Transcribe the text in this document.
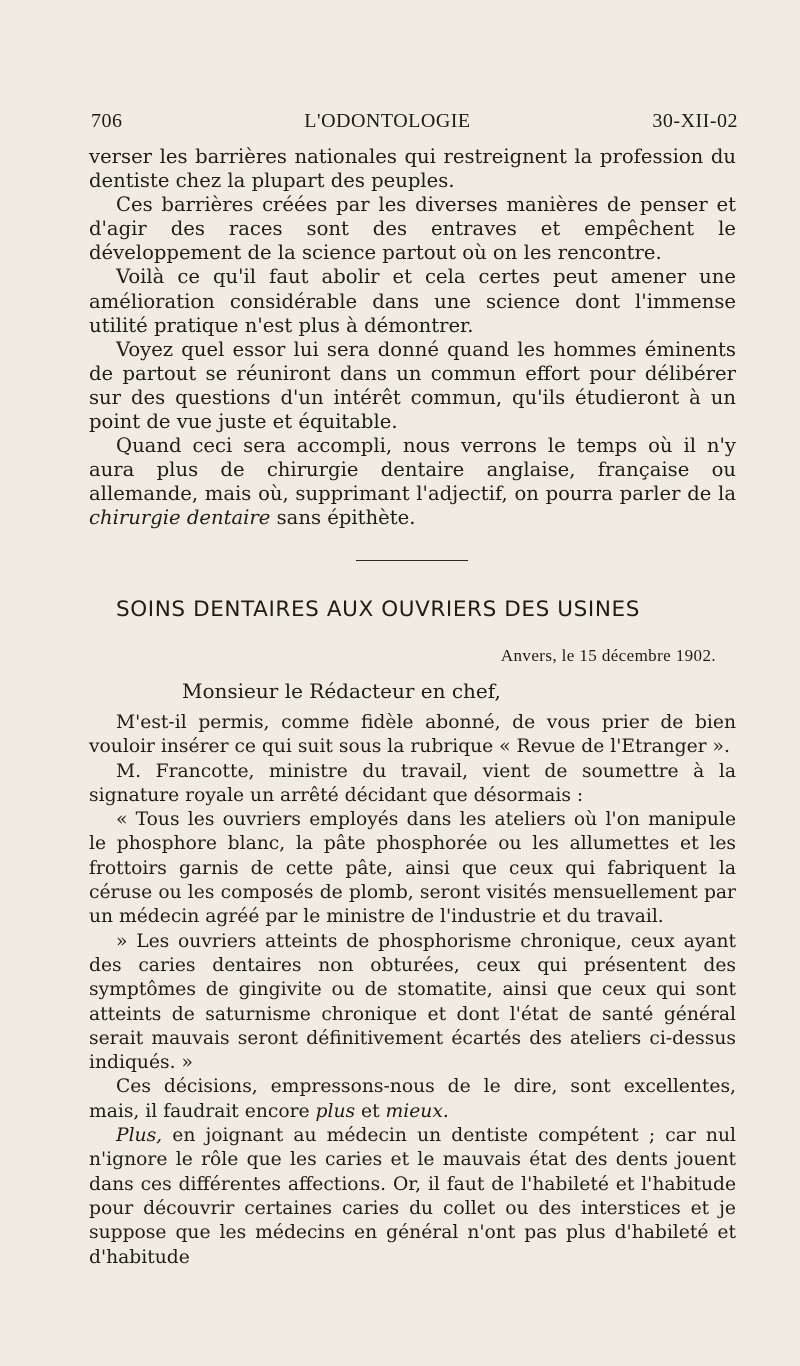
706	L'ODONTOLOGIE	30-XII-02

verser les barrières nationales qui restreignent la profession du dentiste chez la plupart des peuples.

Ces barrières créées par les diverses manières de penser et d'agir des races sont des entraves et empêchent le développement de la science partout où on les rencontre.

Voilà ce qu'il faut abolir et cela certes peut amener une amélioration considérable dans une science dont l'immense utilité pratique n'est plus à démontrer.

Voyez quel essor lui sera donné quand les hommes éminents de partout se réuniront dans un commun effort pour délibérer sur des questions d'un intérêt commun, qu'ils étudieront à un point de vue juste et équitable.

Quand ceci sera accompli, nous verrons le temps où il n'y aura plus de chirurgie dentaire anglaise, française ou allemande, mais où, supprimant l'adjectif, on pourra parler de la chirurgie dentaire sans épithète.

SOINS DENTAIRES AUX OUVRIERS DES USINES
Anvers, le 15 décembre 1902.
Monsieur le Rédacteur en chef,

M'est-il permis, comme fidèle abonné, de vous prier de bien vouloir insérer ce qui suit sous la rubrique « Revue de l'Etranger ».

M. Francotte, ministre du travail, vient de soumettre à la signature royale un arrêté décidant que désormais :

« Tous les ouvriers employés dans les ateliers où l'on manipule le phosphore blanc, la pâte phosphorée ou les allumettes et les frottoirs garnis de cette pâte, ainsi que ceux qui fabriquent la céruse ou les composés de plomb, seront visités mensuellement par un médecin agréé par le ministre de l'industrie et du travail.

» Les ouvriers atteints de phosphorisme chronique, ceux ayant des caries dentaires non obturées, ceux qui présentent des symptômes de gingivite ou de stomatite, ainsi que ceux qui sont atteints de saturnisme chronique et dont l'état de santé général serait mauvais seront définitivement écartés des ateliers ci-dessus indiqués. »

Ces décisions, empressons-nous de le dire, sont excellentes, mais, il faudrait encore plus et mieux.

Plus, en joignant au médecin un dentiste compétent ; car nul n'ignore le rôle que les caries et le mauvais état des dents jouent dans ces différentes affections. Or, il faut de l'habileté et l'habitude pour découvrir certaines caries du collet ou des interstices et je suppose que les médecins en général n'ont pas plus d'habileté et d'habitude
